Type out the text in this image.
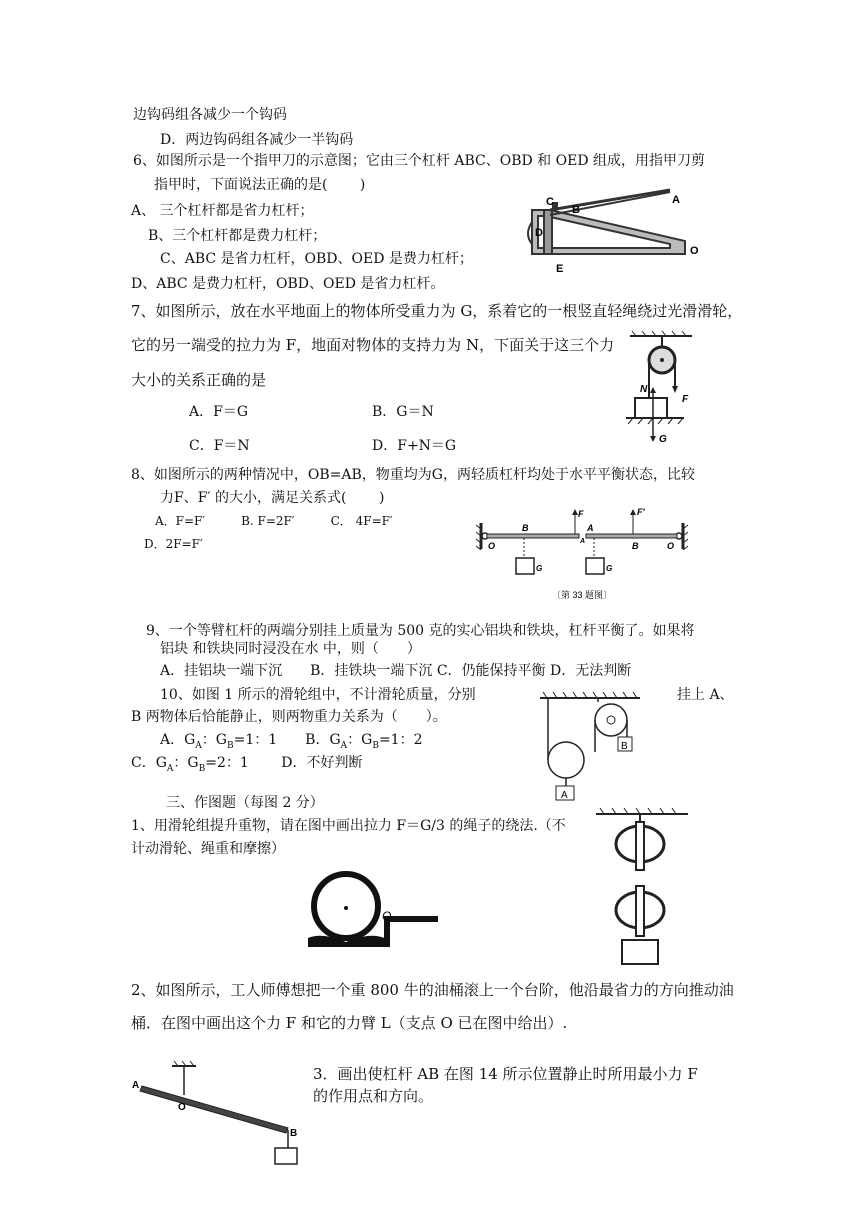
边钩码组各减少一个钩码
D．两边钩码组各减少一半钩码
6、如图所示是一个指甲刀的示意图；它由三个杠杆 ABC、OBD 和 OED 组成，用指甲刀剪
指甲时，下面说法正确的是(　　 )
A、 三个杠杆都是省力杠杆；
B、三个杠杆都是费力杠杆；
C、ABC 是省力杠杆，OBD、OED 是费力杠杆；
D、ABC 是费力杠杆，OBD、OED 是省力杠杆。
7、如图所示，放在水平地面上的物体所受重力为 G，系着它的一根竖直轻绳绕过光滑滑轮，
它的另一端受的拉力为 F，地面对物体的支持力为 N，下面关于这三个力
大小的关系正确的是
A．F＝G	B．G＝N
C．F＝N	D．F+N＝G
8、如图所示的两种情况中，OB=AB，物重均为G，两轻质杠杆均处于水平平衡状态，比较
力F、F′ 的大小，满足关系式(　　 )
A．F=F′　　　B. F=2F′　　　C． 4F=F′
D．2F=F′
9、一个等臂杠杆的两端分别挂上质量为 500 克的实心铝块和铁块，杠杆平衡了。如果将
铝块 和铁块同时浸没在水 中，则（　　）
A．挂铝块一端下沉　　B．挂铁块一端下沉 C．仍能保持平衡 D．无法判断
10、如图 1 所示的滑轮组中，不计滑轮质量，分别	挂上 A、
B 两物体后恰能静止，则两物重力关系为（　　）。
A．$G_A$：$G_B=1$：1　　B．$G_A$：$G_B=1$：2
C．$G_A$：$G_B=2$：1　　 D．不好判断
三、作图题（每图 2 分）
1、用滑轮组提升重物，请在图中画出拉力 F＝G/3 的绳子的绕法.（不
计动滑轮、绳重和摩擦）
2、如图所示，工人师傅想把一个重 800 牛的油桶滚上一个台阶，他沿最省力的方向推动油
桶．在图中画出这个力 F 和它的力臂 L（支点 O 已在图中给出）.
3．画出使杠杆 AB 在图 14 所示位置静止时所用最小力 F
的作用点和方向。
C
B
A
D
E
O
N
F
G
O
B
A
F
G
A
B	O
F′
G
〔第 33 题图〕
B
A
O
A
O
B
